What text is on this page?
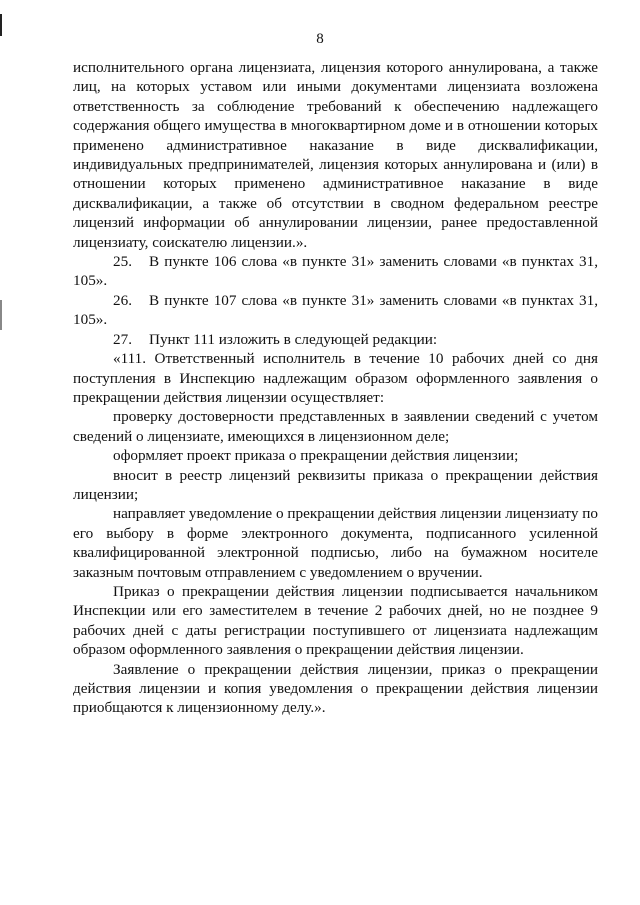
8

исполнительного органа лицензиата, лицензия которого аннулирована, а также лиц, на которых уставом или иными документами лицензиата возложена ответственность за соблюдение требований к обеспечению надлежащего содержания общего имущества в многоквартирном доме и в отношении которых применено административное наказание в виде дисквалификации, индивидуальных предпринимателей, лицензия которых аннулирована и (или) в отношении которых применено административное наказание в виде дисквалификации, а также об отсутствии в сводном федеральном реестре лицензий информации об аннулировании лицензии, ранее предоставленной лицензиату, соискателю лицензии.».

25. В пункте 106 слова «в пункте 31» заменить словами «в пунктах 31, 105».

26. В пункте 107 слова «в пункте 31» заменить словами «в пунктах 31, 105».

27. Пункт 111 изложить в следующей редакции:

«111. Ответственный исполнитель в течение 10 рабочих дней со дня поступления в Инспекцию надлежащим образом оформленного заявления о прекращении действия лицензии осуществляет:

проверку достоверности представленных в заявлении сведений с учетом сведений о лицензиате, имеющихся в лицензионном деле;

оформляет проект приказа о прекращении действия лицензии;

вносит в реестр лицензий реквизиты приказа о прекращении действия лицензии;

направляет уведомление о прекращении действия лицензии лицензиату по его выбору в форме электронного документа, подписанного усиленной квалифицированной электронной подписью, либо на бумажном носителе заказным почтовым отправлением с уведомлением о вручении.

Приказ о прекращении действия лицензии подписывается начальником Инспекции или его заместителем в течение 2 рабочих дней, но не позднее 9 рабочих дней с даты регистрации поступившего от лицензиата надлежащим образом оформленного заявления о прекращении действия лицензии.

Заявление о прекращении действия лицензии, приказ о прекращении действия лицензии и копия уведомления о прекращении действия лицензии приобщаются к лицензионному делу.».
